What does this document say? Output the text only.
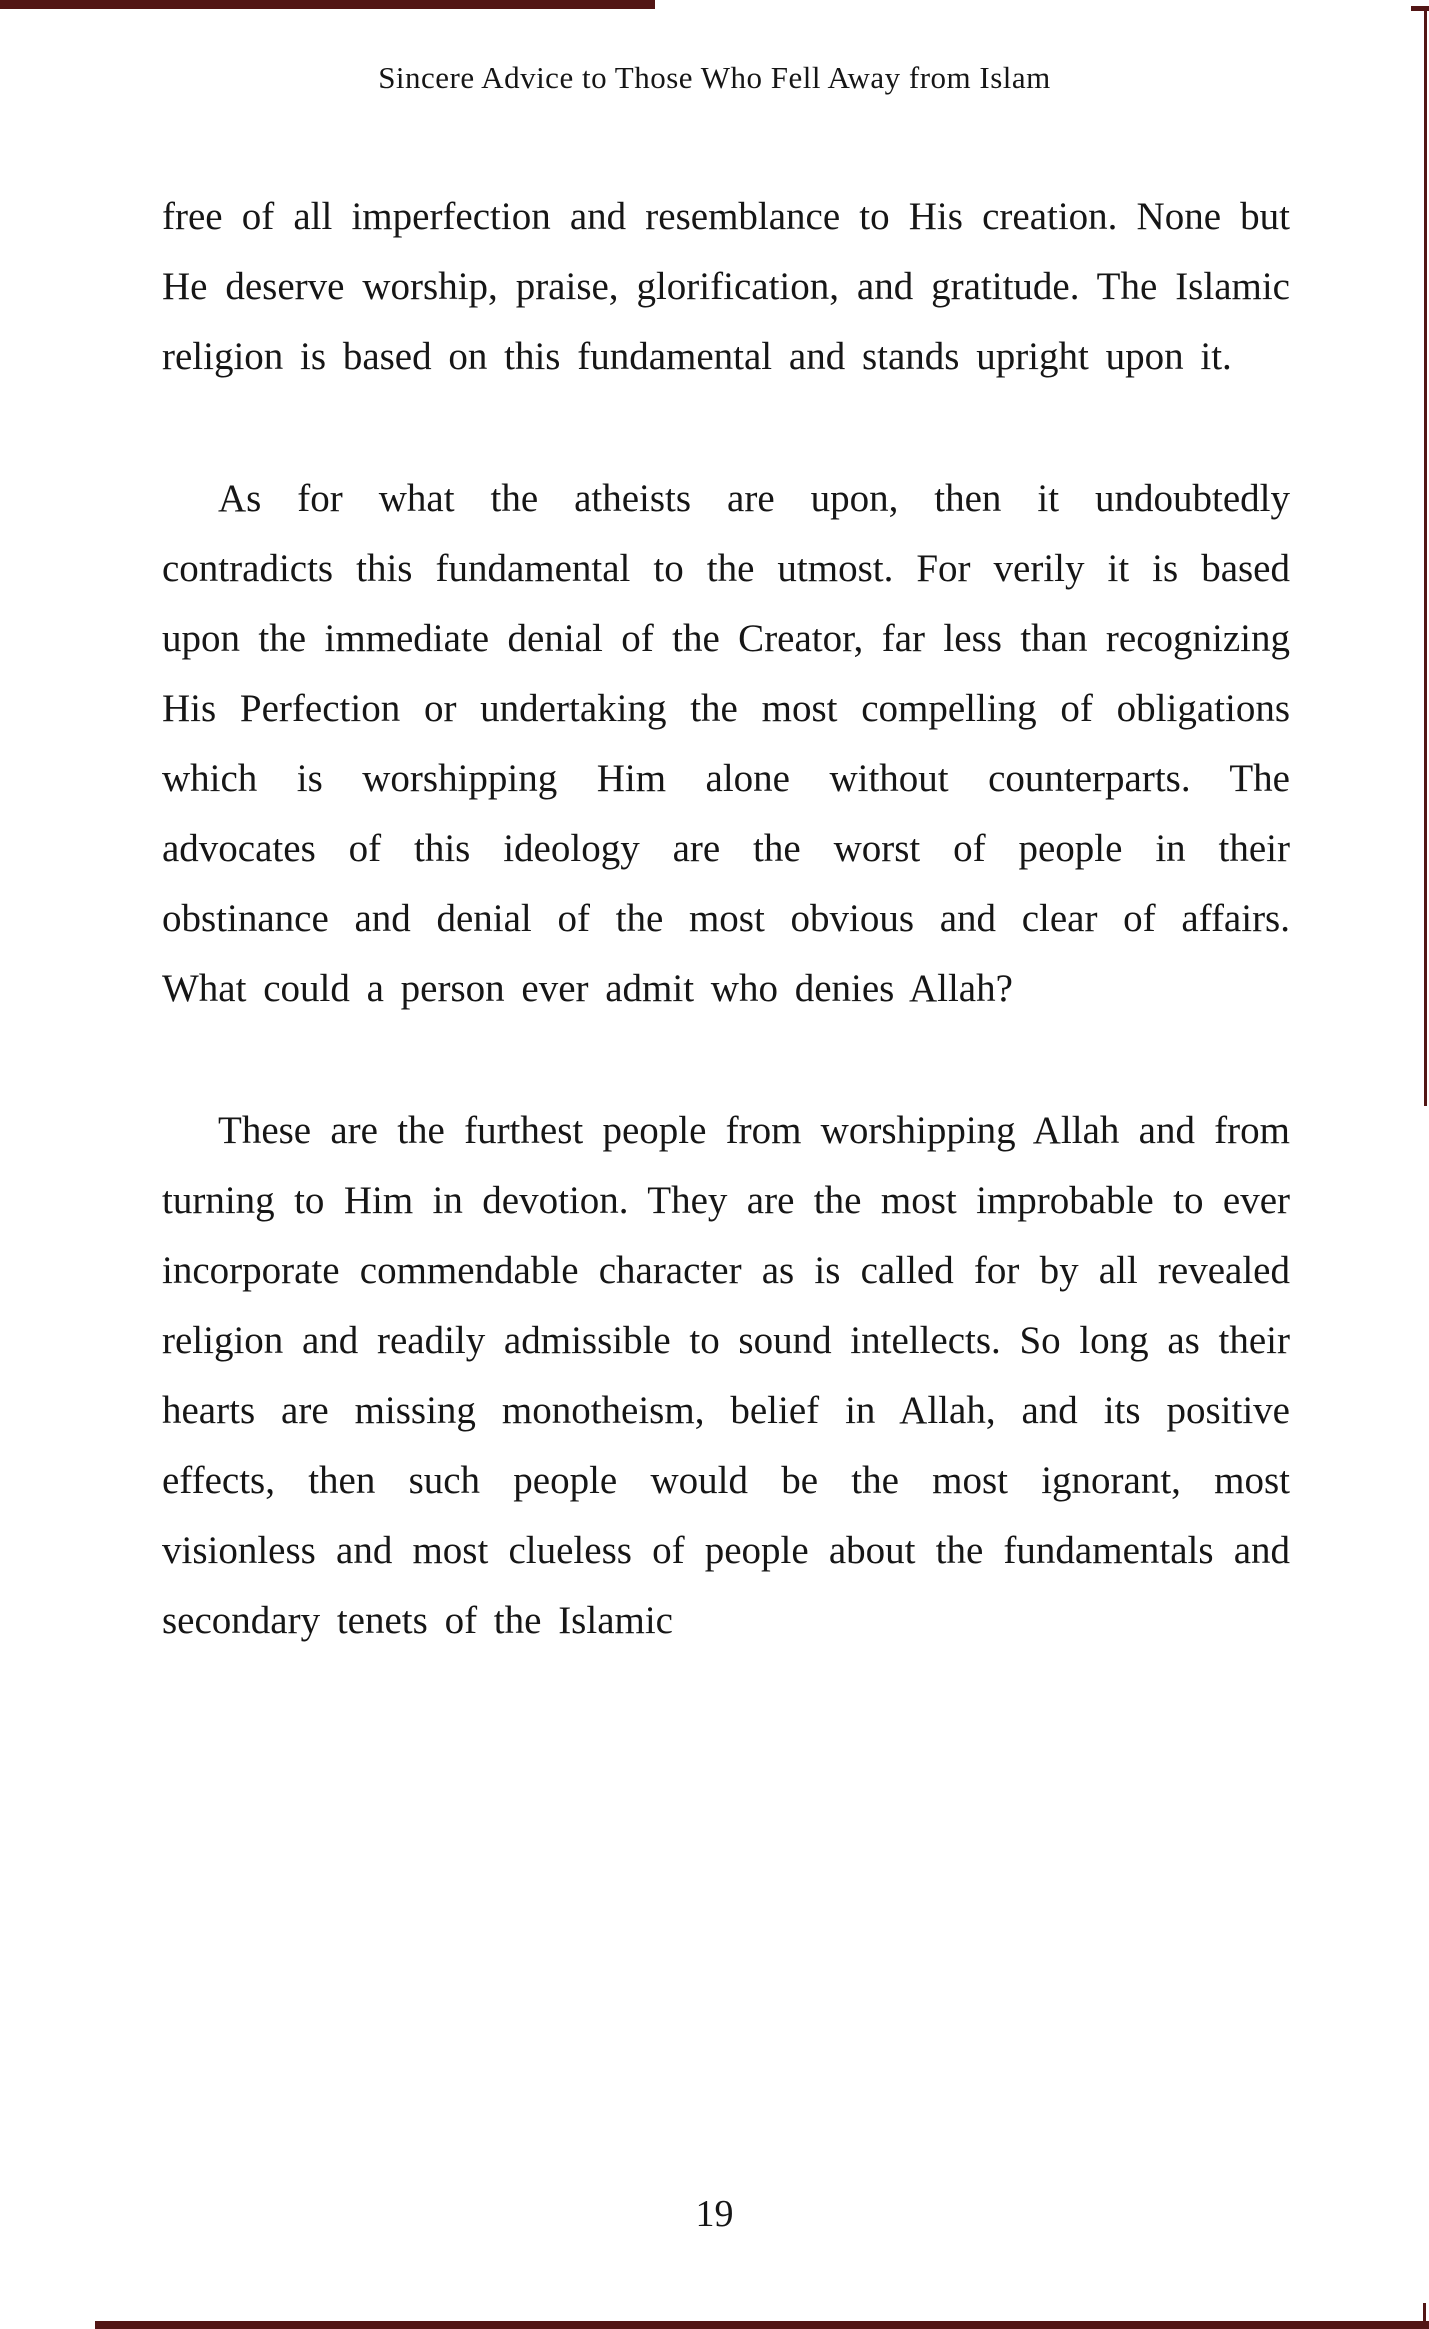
Sincere Advice to Those Who Fell Away from Islam

free of all imperfection and resemblance to His creation. None but He deserve worship, praise, glorification, and gratitude. The Islamic religion is based on this fundamental and stands upright upon it.

As for what the atheists are upon, then it undoubtedly contradicts this fundamental to the utmost. For verily it is based upon the immediate denial of the Creator, far less than recognizing His Perfection or undertaking the most compelling of obligations which is worshipping Him alone without counterparts. The advocates of this ideology are the worst of people in their obstinance and denial of the most obvious and clear of affairs. What could a person ever admit who denies Allah?

These are the furthest people from worshipping Allah and from turning to Him in devotion. They are the most improbable to ever incorporate commendable character as is called for by all revealed religion and readily admissible to sound intellects. So long as their hearts are missing monotheism, belief in Allah, and its positive effects, then such people would be the most ignorant, most visionless and most clueless of people about the fundamentals and secondary tenets of the Islamic

19
